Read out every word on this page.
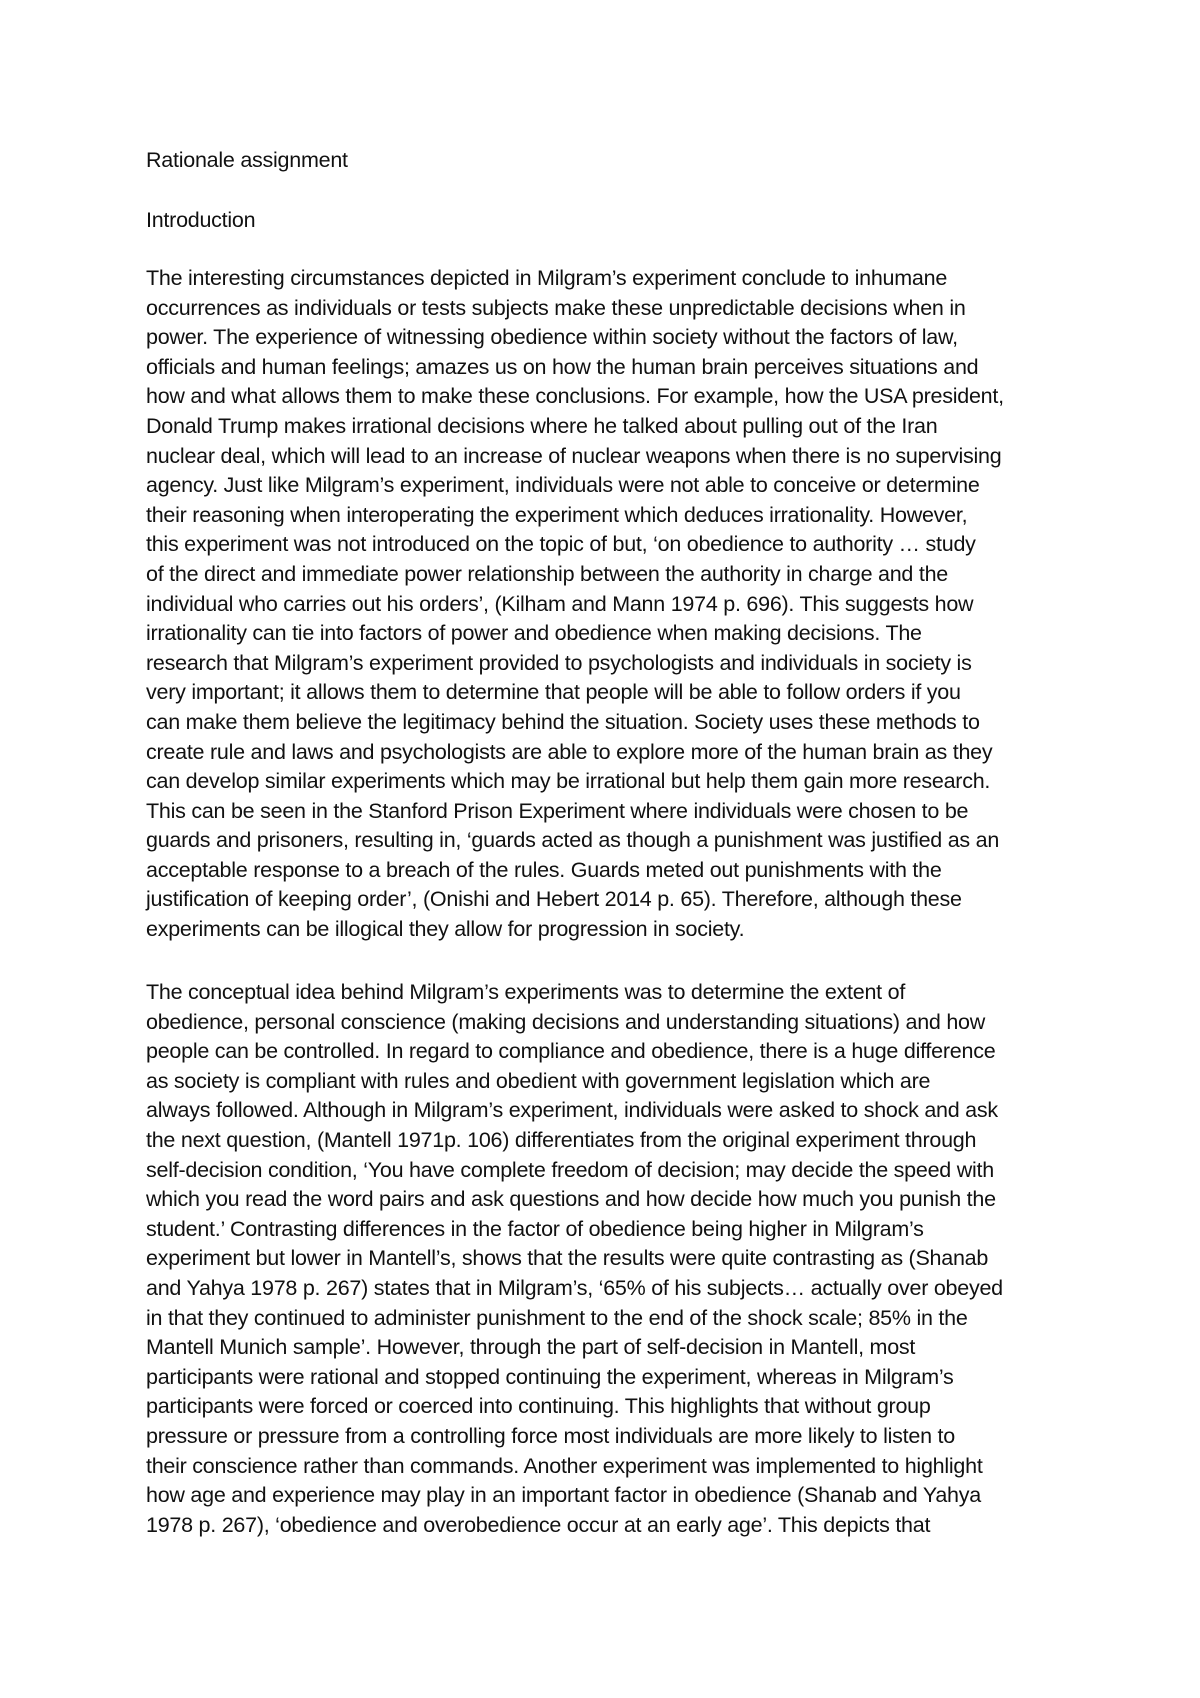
Rationale assignment
Introduction
The interesting circumstances depicted in Milgram’s experiment conclude to inhumane
occurrences as individuals or tests subjects make these unpredictable decisions when in
power. The experience of witnessing obedience within society without the factors of law,
officials and human feelings; amazes us on how the human brain perceives situations and
how and what allows them to make these conclusions. For example, how the USA president,
Donald Trump makes irrational decisions where he talked about pulling out of the Iran
nuclear deal, which will lead to an increase of nuclear weapons when there is no supervising
agency. Just like Milgram’s experiment, individuals were not able to conceive or determine
their reasoning when interoperating the experiment which deduces irrationality. However,
this experiment was not introduced on the topic of but, ‘on obedience to authority … study
of the direct and immediate power relationship between the authority in charge and the
individual who carries out his orders’, (Kilham and Mann 1974 p. 696). This suggests how
irrationality can tie into factors of power and obedience when making decisions. The
research that Milgram’s experiment provided to psychologists and individuals in society is
very important; it allows them to determine that people will be able to follow orders if you
can make them believe the legitimacy behind the situation. Society uses these methods to
create rule and laws and psychologists are able to explore more of the human brain as they
can develop similar experiments which may be irrational but help them gain more research.
This can be seen in the Stanford Prison Experiment where individuals were chosen to be
guards and prisoners, resulting in, ‘guards acted as though a punishment was justified as an
acceptable response to a breach of the rules. Guards meted out punishments with the
justification of keeping order’, (Onishi and Hebert 2014 p. 65). Therefore, although these
experiments can be illogical they allow for progression in society.
The conceptual idea behind Milgram’s experiments was to determine the extent of
obedience, personal conscience (making decisions and understanding situations) and how
people can be controlled. In regard to compliance and obedience, there is a huge difference
as society is compliant with rules and obedient with government legislation which are
always followed. Although in Milgram’s experiment, individuals were asked to shock and ask
the next question, (Mantell 1971p. 106) differentiates from the original experiment through
self-decision condition, ‘You have complete freedom of decision; may decide the speed with
which you read the word pairs and ask questions and how decide how much you punish the
student.’ Contrasting differences in the factor of obedience being higher in Milgram’s
experiment but lower in Mantell’s, shows that the results were quite contrasting as (Shanab
and Yahya 1978 p. 267) states that in Milgram’s, ‘65% of his subjects… actually over obeyed
in that they continued to administer punishment to the end of the shock scale; 85% in the
Mantell Munich sample’. However, through the part of self-decision in Mantell, most
participants were rational and stopped continuing the experiment, whereas in Milgram’s
participants were forced or coerced into continuing. This highlights that without group
pressure or pressure from a controlling force most individuals are more likely to listen to
their conscience rather than commands. Another experiment was implemented to highlight
how age and experience may play in an important factor in obedience (Shanab and Yahya
1978 p. 267), ‘obedience and overobedience occur at an early age’. This depicts that
